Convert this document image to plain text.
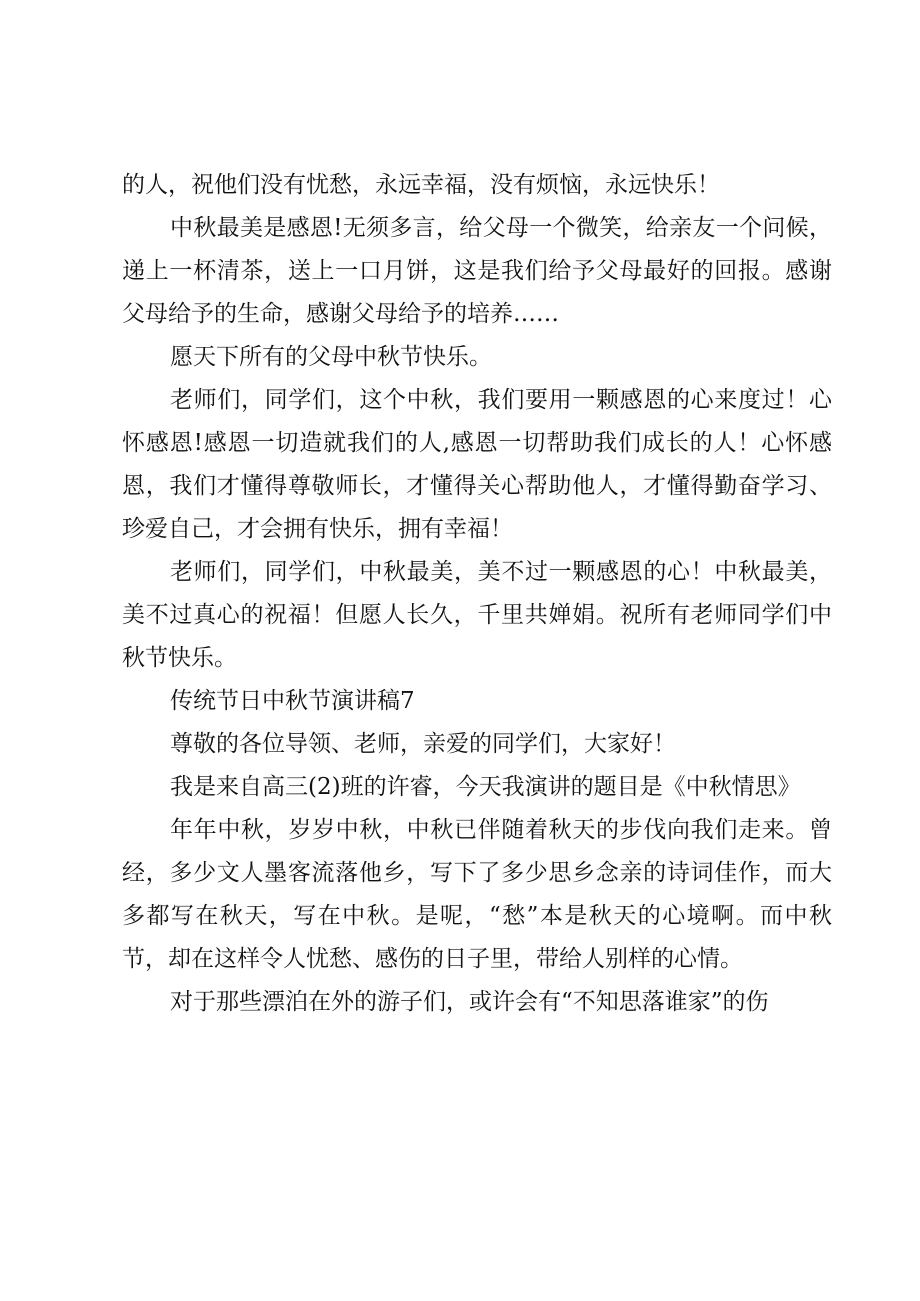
的人，祝他们没有忧愁，永远幸福，没有烦恼，永远快乐！

中秋最美是感恩!无须多言，给父母一个微笑，给亲友一个问候，递上一杯清茶，送上一口月饼，这是我们给予父母最好的回报。感谢父母给予的生命，感谢父母给予的培养……

愿天下所有的父母中秋节快乐。

老师们，同学们，这个中秋，我们要用一颗感恩的心来度过！心怀感恩!感恩一切造就我们的人,感恩一切帮助我们成长的人！心怀感恩，我们才懂得尊敬师长，才懂得关心帮助他人，才懂得勤奋学习、珍爱自己，才会拥有快乐，拥有幸福！

老师们，同学们，中秋最美，美不过一颗感恩的心！中秋最美，美不过真心的祝福！但愿人长久，千里共婵娟。祝所有老师同学们中秋节快乐。

传统节日中秋节演讲稿7

尊敬的各位导领、老师，亲爱的同学们，大家好！

我是来自高三(2)班的许睿，今天我演讲的题目是《中秋情思》

年年中秋，岁岁中秋，中秋已伴随着秋天的步伐向我们走来。曾经，多少文人墨客流落他乡，写下了多少思乡念亲的诗词佳作，而大多都写在秋天，写在中秋。是呢，“愁”本是秋天的心境啊。而中秋节，却在这样令人忧愁、感伤的日子里，带给人别样的心情。

对于那些漂泊在外的游子们，或许会有“不知思落谁家”的伤
